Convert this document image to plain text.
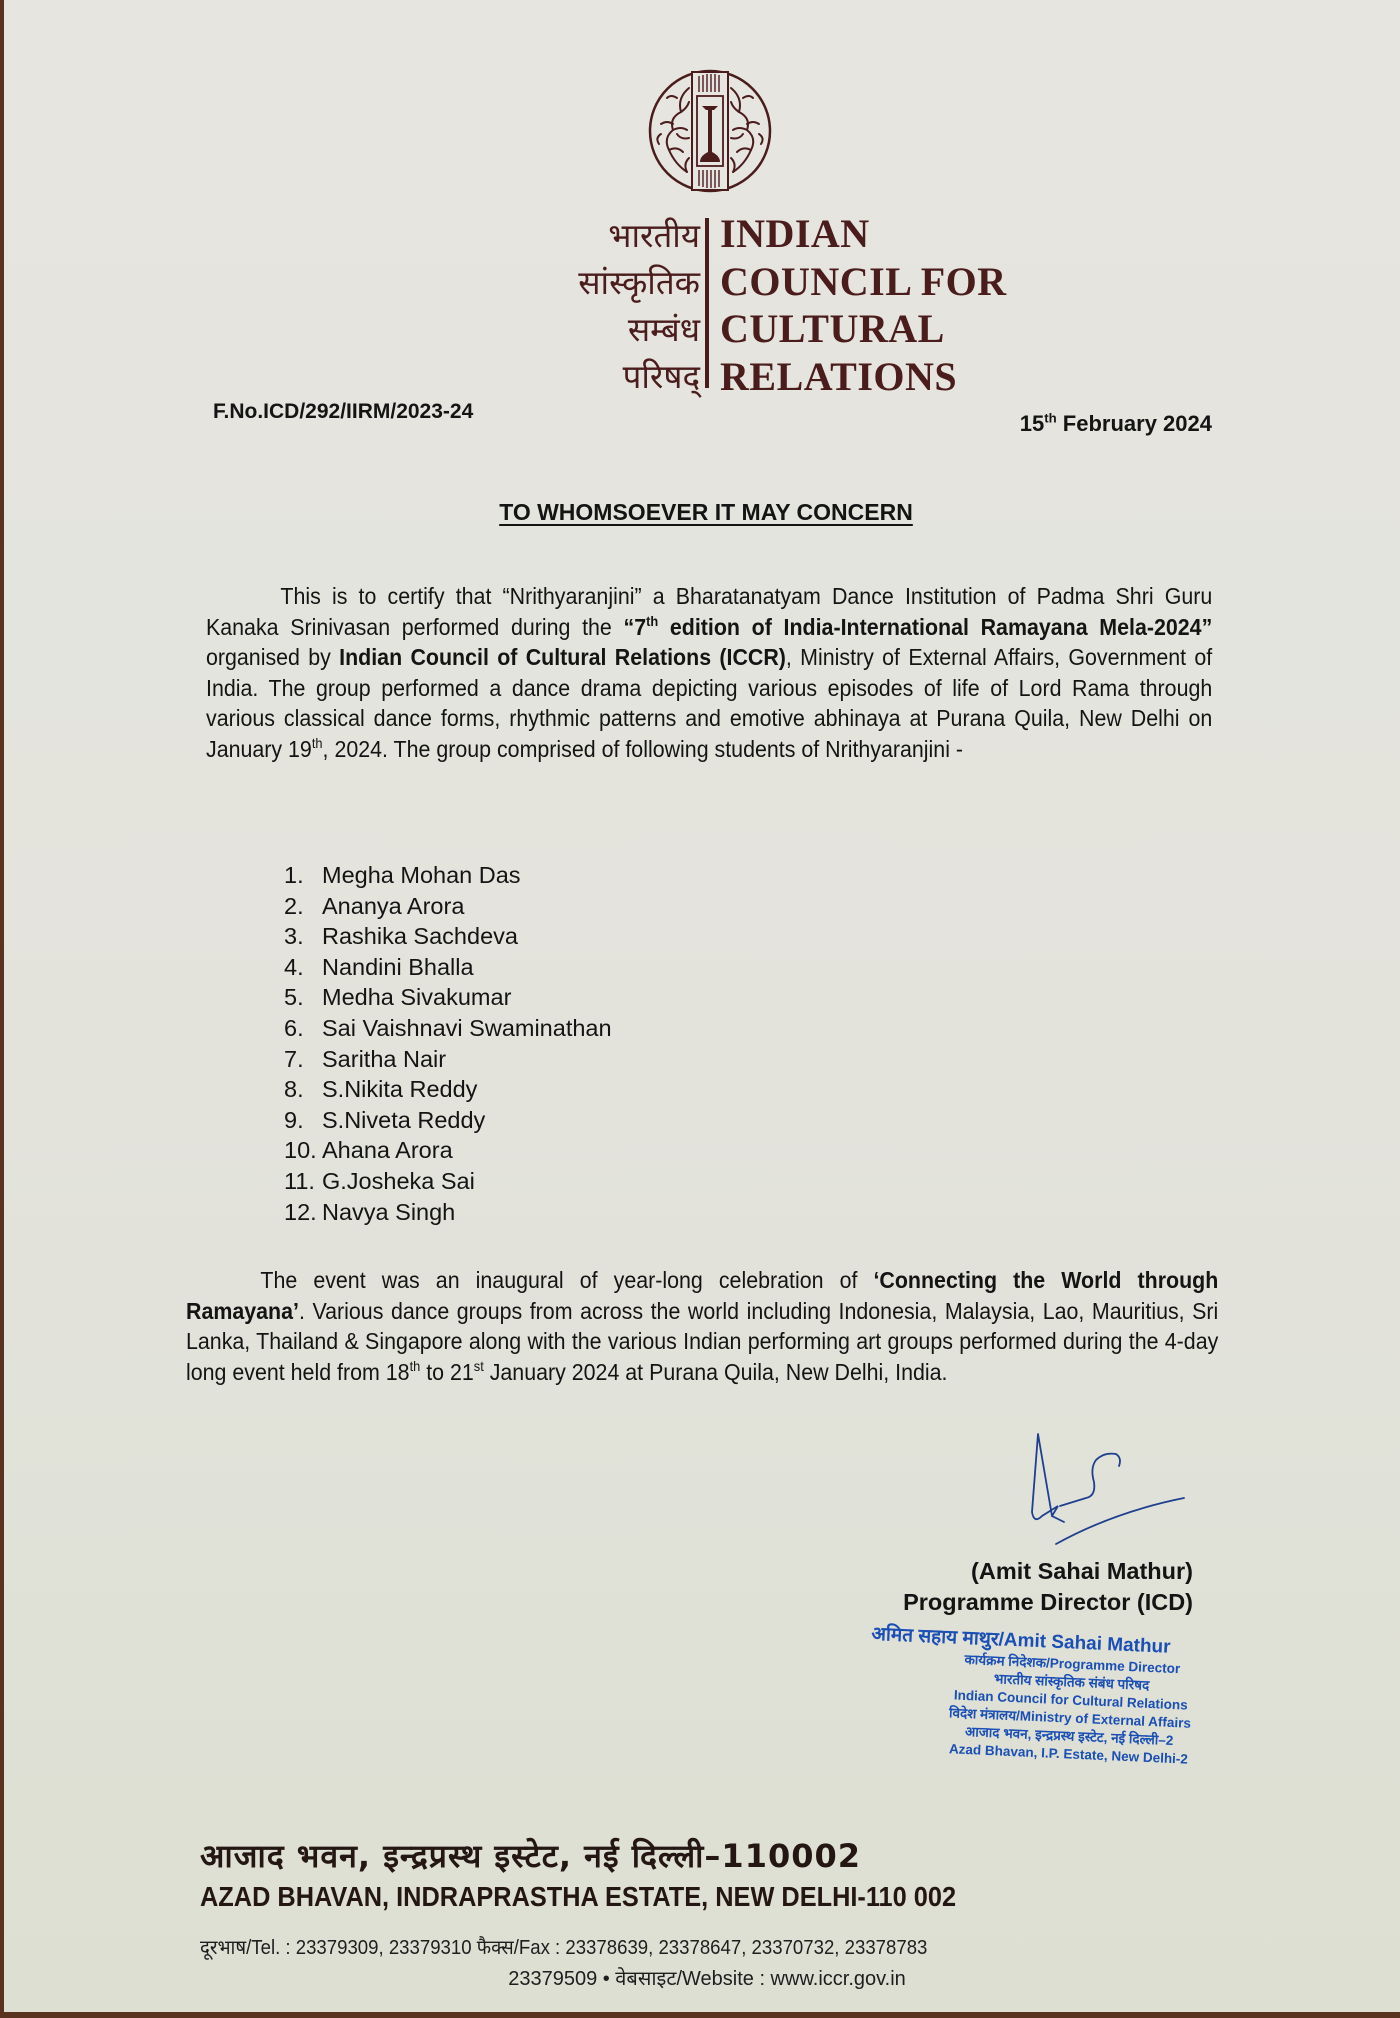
भारतीय
सांस्कृतिक
सम्बंध
परिषद्
INDIAN
COUNCIL FOR
CULTURAL
RELATIONS
F.No.ICD/292/IIRM/2023-24	15th February 2024
TO WHOMSOEVER IT MAY CONCERN
This is to certify that “Nrithyaranjini” a Bharatanatyam Dance Institution of Padma Shri Guru Kanaka Srinivasan performed during the “7th edition of India-International Ramayana Mela-2024” organised by Indian Council of Cultural Relations (ICCR), Ministry of External Affairs, Government of India. The group performed a dance drama depicting various episodes of life of Lord Rama through various classical dance forms, rhythmic patterns and emotive abhinaya at Purana Quila, New Delhi on January 19th, 2024. The group comprised of following students of Nrithyaranjini -
1. Megha Mohan Das
2. Ananya Arora
3. Rashika Sachdeva
4. Nandini Bhalla
5. Medha Sivakumar
6. Sai Vaishnavi Swaminathan
7. Saritha Nair
8. S.Nikita Reddy
9. S.Niveta Reddy
10. Ahana Arora
11. G.Josheka Sai
12. Navya Singh
The event was an inaugural of year-long celebration of ‘Connecting the World through Ramayana’. Various dance groups from across the world including Indonesia, Malaysia, Lao, Mauritius, Sri Lanka, Thailand & Singapore along with the various Indian performing art groups performed during the 4-day long event held from 18th to 21st January 2024 at Purana Quila, New Delhi, India.
(Amit Sahai Mathur)
Programme Director (ICD)
अमित सहाय माथुर/Amit Sahai Mathur
कार्यक्रम निदेशक/Programme Director
भारतीय सांस्कृतिक संबंध परिषद
Indian Council for Cultural Relations
विदेश मंत्रालय/Ministry of External Affairs
आजाद भवन, इन्द्रप्रस्थ इस्टेट, नई दिल्ली–2
Azad Bhavan, I.P. Estate, New Delhi-2
आजाद भवन, इन्द्रप्रस्थ इस्टेट, नई दिल्ली–110002
AZAD BHAVAN, INDRAPRASTHA ESTATE, NEW DELHI-110 002
दूरभाष/Tel. : 23379309, 23379310 फैक्स/Fax : 23378639, 23378647, 23370732, 23378783
23379509 • वेबसाइट/Website : www.iccr.gov.in
